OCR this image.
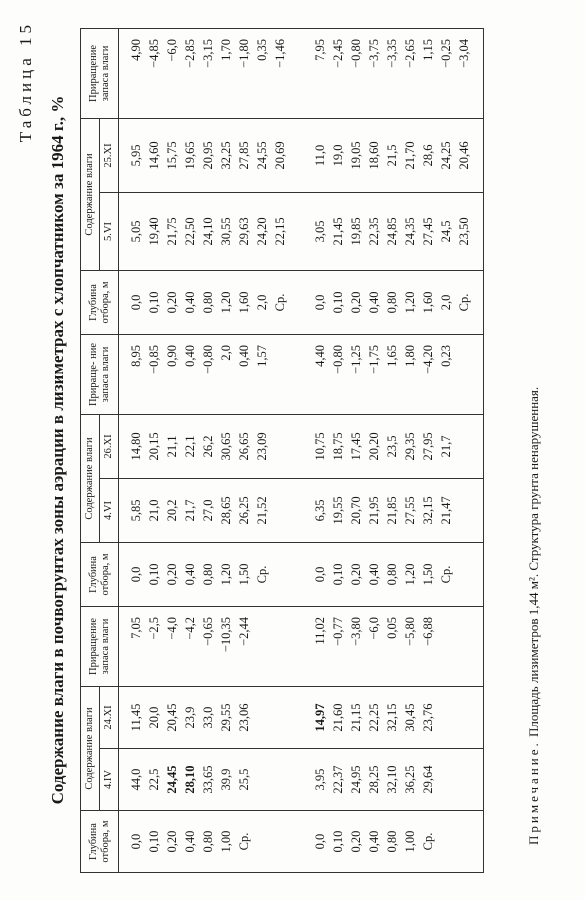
Таблица 15
Содержание влаги в почвогрунтах зоны аэрации в лизиметрах с хлопчатником за 1964 г., %
Глубина отбора, м	Содержание влаги		Приращение запаса влаги	Глубина отбора, м	Содержание влаги		Прираще- ние запаса влаги	Глубина отбора, м	Содержание влаги		Приращение запаса влаги
	4.IV	24.XI			4.VI	26.XI			5.VI	25.XI	
0,0	44,0	11,45	7,05	0,0	5,85	14,80	8,95	0,0	5,05	5,95	4,90
0,10	22,5	20,0	−2,5	0,10	21,0	20,15	−0,85	0,10	19,40	14,60	−4,85
0,20	24,45	20,45	−4,0	0,20	20,2	21,1	0,90	0,20	21,75	15,75	−6,0
0,40	28,10	23,9	−4,2	0,40	21,7	22,1	0,40	0,40	22,50	19,65	−2,85
0,80	33,65	33,0	−0,65	0,80	27,0	26,2	−0,80	0,80	24,10	20,95	−3,15
1,00	39,9	29,55	−10,35	1,20	28,65	30,65	2,0	1,20	30,55	32,25	1,70
Ср.	25,5	23,06	−2,44	1,50	26,25	26,65	0,40	1,60	29,63	27,85	−1,80
				Ср.	21,52	23,09	1,57	2,0	24,20	24,55	0,35
								Ср.	22,15	20,69	−1,46
0,0	3,95	14,97	11,02	0,0	6,35	10,75	4,40	0,0	3,05	11,0	7,95
0,10	22,37	21,60	−0,77	0,10	19,55	18,75	−0,80	0,10	21,45	19,0	−2,45
0,20	24,95	21,15	−3,80	0,20	20,70	17,45	−1,25	0,20	19,85	19,05	−0,80
0,40	28,25	22,25	−6,0	0,40	21,95	20,20	−1,75	0,40	22,35	18,60	−3,75
0,80	32,10	32,15	0,05	0,80	21,85	23,5	1,65	0,80	24,85	21,5	−3,35
1,00	36,25	30,45	−5,80	1,20	27,55	29,35	1,80	1,20	24,35	21,70	−2,65
Ср.	29,64	23,76	−6,88	1,50	32,15	27,95	−4,20	1,60	27,45	28,6	1,15
				Ср.	21,47	21,7	0,23	2,0	24,5	24,25	−0,25
								Ср.	23,50	20,46	−3,04
Примечание. Площадь лизиметров 1,44 м². Структура грунта ненарушенная.
